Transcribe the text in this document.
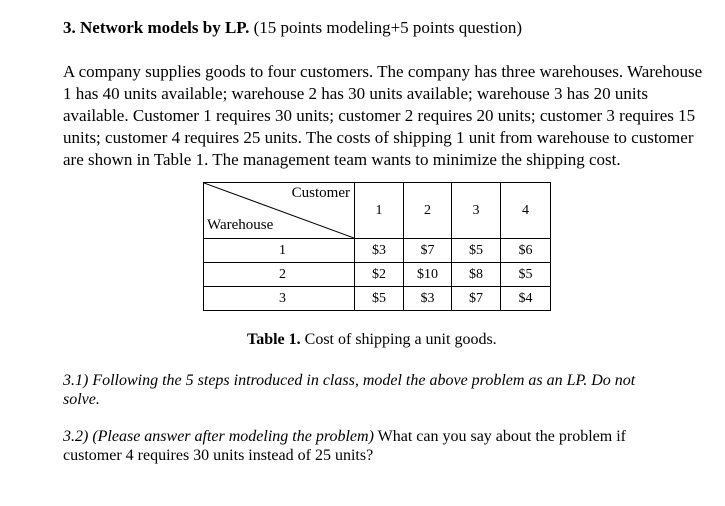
3. Network models by LP. (15 points modeling+5 points question)
A company supplies goods to four customers. The company has three warehouses. Warehouse
1 has 40 units available; warehouse 2 has 30 units available; warehouse 3 has 20 units
available. Customer 1 requires 30 units; customer 2 requires 20 units; customer 3 requires 15
units; customer 4 requires 25 units. The costs of shipping 1 unit from warehouse to customer
are shown in Table 1. The management team wants to minimize the shipping cost.
Customer
Warehouse	1	2	3	4
1	$3	$7	$5	$6
2	$2	$10	$8	$5
3	$5	$3	$7	$4
Table 1. Cost of shipping a unit goods.
3.1) Following the 5 steps introduced in class, model the above problem as an LP. Do not
solve.
3.2) (Please answer after modeling the problem) What can you say about the problem if
customer 4 requires 30 units instead of 25 units?
